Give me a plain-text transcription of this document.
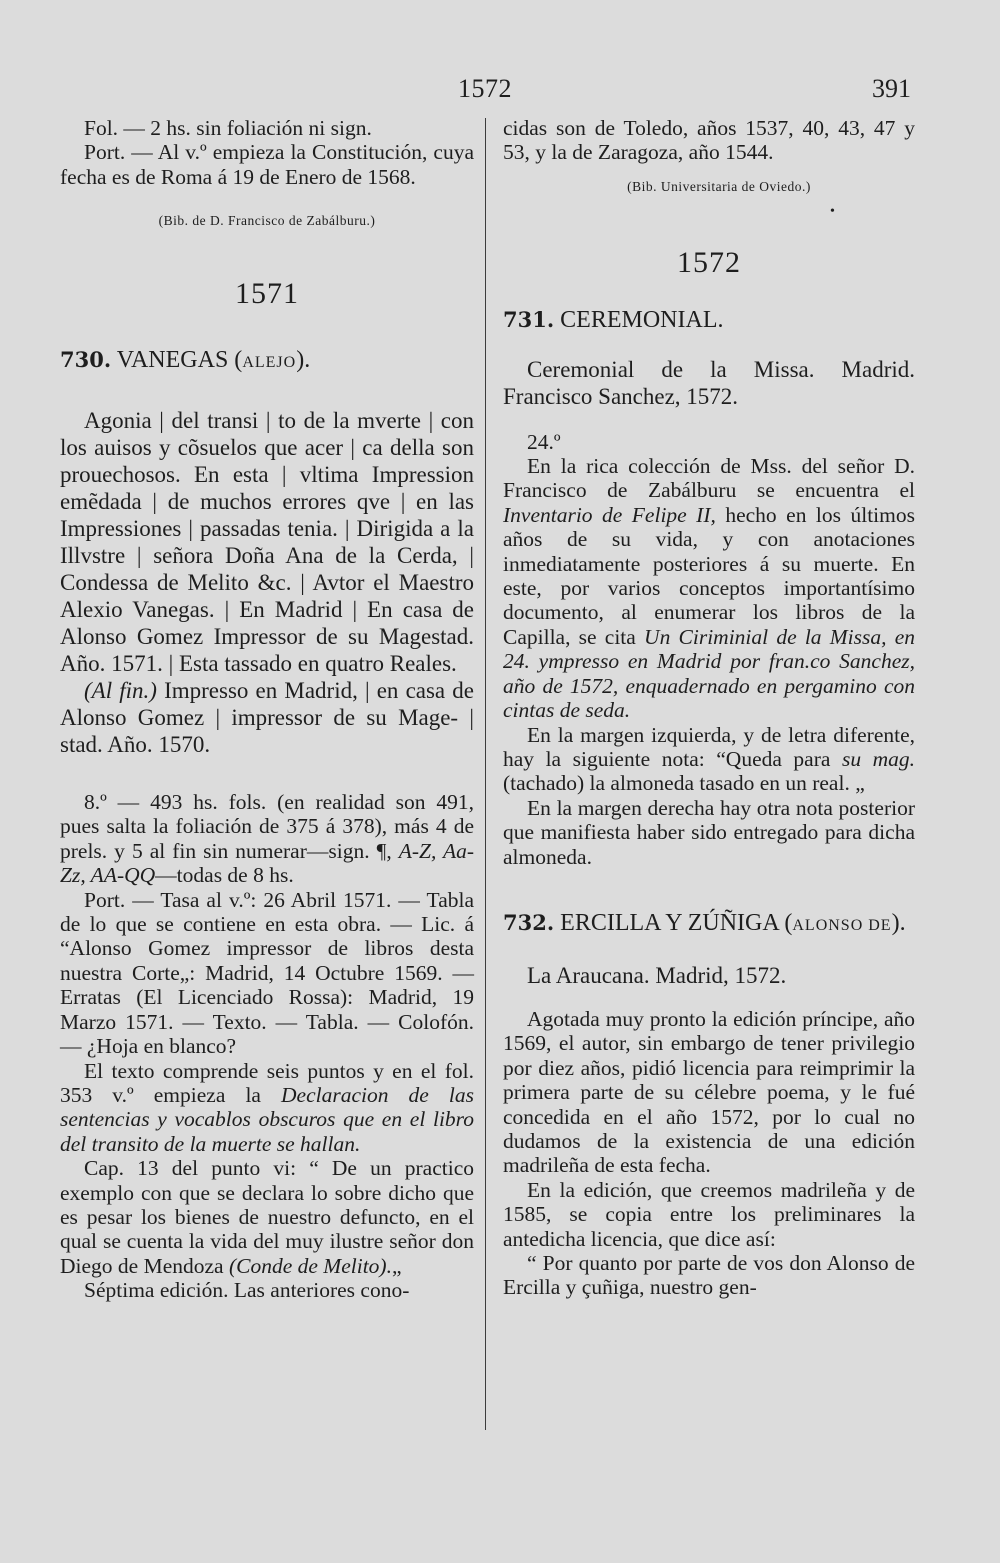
1572	391

Fol. — 2 hs. sin foliación ni sign.

Port. — Al v.º empieza la Constitución, cuya fecha es de Roma á 19 de Enero de 1568.

(Bib. de D. Francisco de Zabálburu.)

1571

730. VANEGAS (ALEJO).

Agonia | del transi | to de la mverte | con los auisos y cõsuelos que acer | ca della son prouechosos. En esta | vltima Impression emẽdada | de muchos errores qve | en las Impressiones | passadas tenia. | Dirigida a la Illvstre | señora Doña Ana de la Cerda, | Condessa de Melito &c. | Avtor el Maestro Alexio Vanegas. | En Madrid | En casa de Alonso Gomez Impressor de su Magestad. Año. 1571. | Esta tassado en quatro Reales.

(Al fin.) Impresso en Madrid, | en casa de Alonso Gomez | impressor de su Mage- | stad. Año. 1570.

8.º — 493 hs. fols. (en realidad son 491, pues salta la foliación de 375 á 378), más 4 de prels. y 5 al fin sin numerar—sign. ¶, A-Z, Aa-Zz, AA-QQ—todas de 8 hs.

Port. — Tasa al v.º: 26 Abril 1571. — Tabla de lo que se contiene en esta obra. — Lic. á “Alonso Gomez impressor de libros desta nuestra Corte„: Madrid, 14 Octubre 1569. — Erratas (El Licenciado Rossa): Madrid, 19 Marzo 1571. — Texto. — Tabla. — Colofón. — ¿Hoja en blanco?

El texto comprende seis puntos y en el fol. 353 v.º empieza la Declaracion de las sentencias y vocablos obscuros que en el libro del transito de la muerte se hallan.

Cap. 13 del punto vi: “ De un practico exemplo con que se declara lo sobre dicho que es pesar los bienes de nuestro defuncto, en el qual se cuenta la vida del muy ilustre señor don Diego de Mendoza (Conde de Melito).„

Séptima edición. Las anteriores cono-

cidas son de Toledo, años 1537, 40, 43, 47 y 53, y la de Zaragoza, año 1544.

(Bib. Universitaria de Oviedo.)

1572

731. CEREMONIAL.

Ceremonial de la Missa. Madrid. Francisco Sanchez, 1572.

24.º

En la rica colección de Mss. del señor D. Francisco de Zabálburu se encuentra el Inventario de Felipe II, hecho en los últimos años de su vida, y con anotaciones inmediatamente posteriores á su muerte. En este, por varios conceptos importantísimo documento, al enumerar los libros de la Capilla, se cita Un Ciriminial de la Missa, en 24. ympresso en Madrid por fran.co Sanchez, año de 1572, enquadernado en pergamino con cintas de seda.

En la margen izquierda, y de letra diferente, hay la siguiente nota: “Queda para su mag. (tachado) la almoneda tasado en un real. „

En la margen derecha hay otra nota posterior que manifiesta haber sido entregado para dicha almoneda.

732. ERCILLA Y ZÚÑIGA (ALONSO DE).

La Araucana. Madrid, 1572.

Agotada muy pronto la edición príncipe, año 1569, el autor, sin embargo de tener privilegio por diez años, pidió licencia para reimprimir la primera parte de su célebre poema, y le fué concedida en el año 1572, por lo cual no dudamos de la existencia de una edición madrileña de esta fecha.

En la edición, que creemos madrileña y de 1585, se copia entre los preliminares la antedicha licencia, que dice así:

“ Por quanto por parte de vos don Alonso de Ercilla y çuñiga, nuestro gen-

•
